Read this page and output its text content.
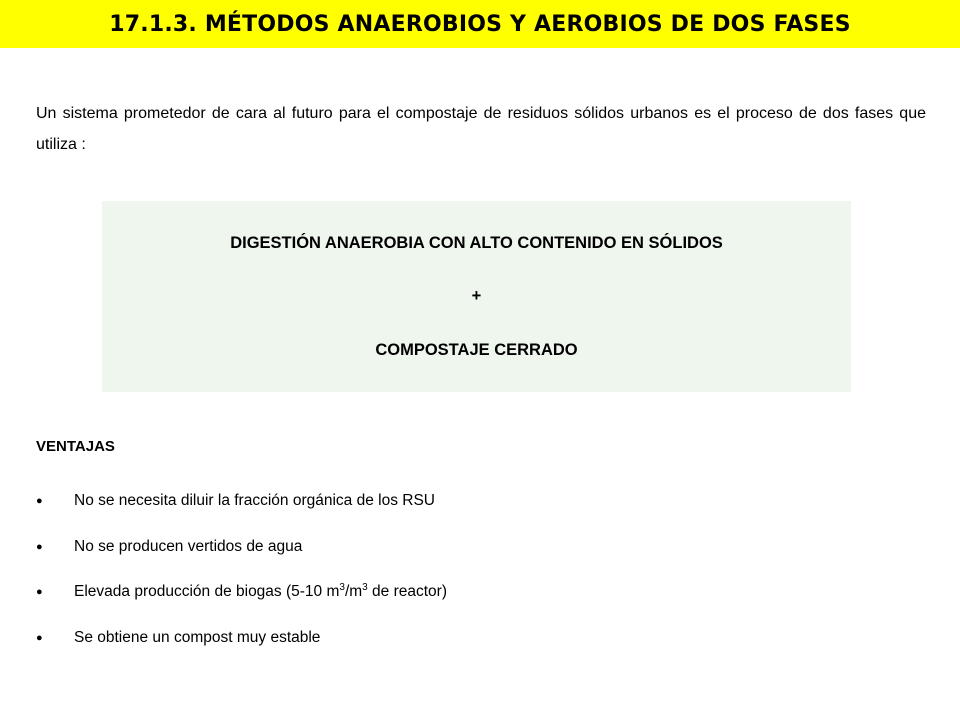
17.1.3. MÉTODOS ANAEROBIOS Y AEROBIOS DE DOS FASES

Un sistema prometedor de cara al futuro para el compostaje de residuos sólidos urbanos es el proceso de dos fases que utiliza :

DIGESTIÓN ANAEROBIA CON ALTO CONTENIDO EN SÓLIDOS
+
COMPOSTAJE CERRADO
VENTAJAS
●	No se necesita diluir la fracción orgánica de los RSU
●	No se producen vertidos de agua
●	Elevada producción de biogas (5-10 $m^3/m^3$ de reactor)
●	Se obtiene un compost muy estable
